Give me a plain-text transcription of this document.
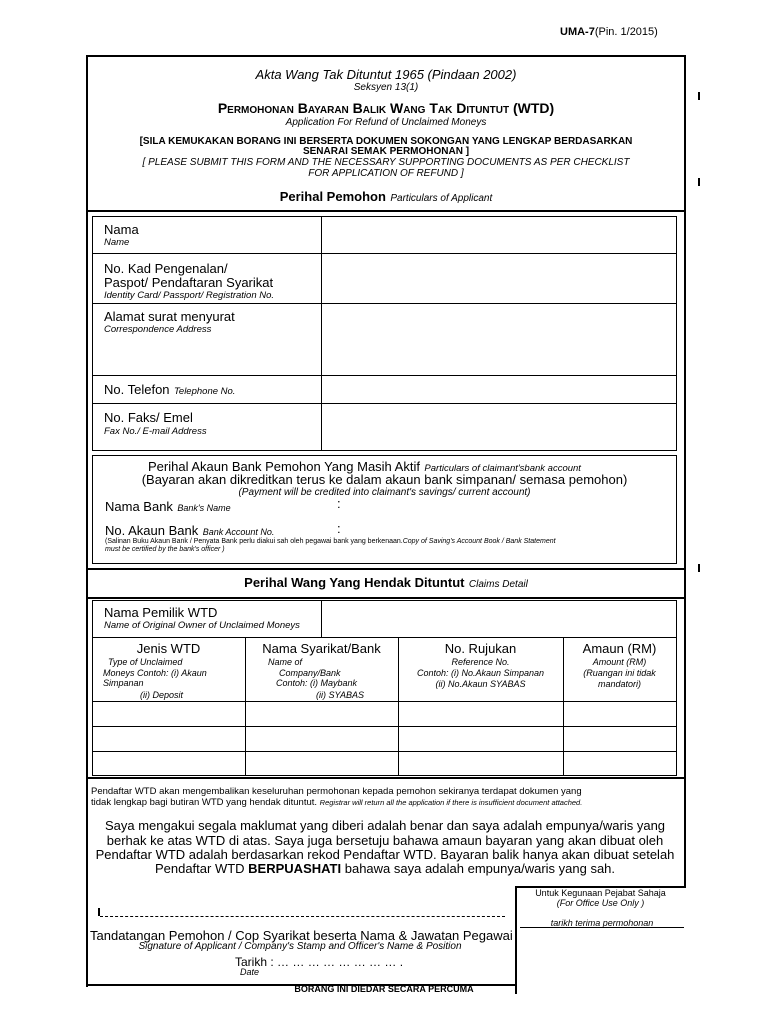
UMA-7(Pin. 1/2015)
Akta Wang Tak Dituntut 1965 (Pindaan 2002)
Seksyen 13(1)
Permohonan Bayaran Balik Wang Tak Dituntut (WTD)
Application For Refund of Unclaimed Moneys
[SILA KEMUKAKAN BORANG INI BERSERTA DOKUMEN SOKONGAN YANG LENGKAP BERDASARKAN
SENARAI SEMAK PERMOHONAN ]
[ PLEASE SUBMIT THIS FORM AND THE NECESSARY SUPPORTING DOCUMENTS AS PER CHECKLIST
FOR APPLICATION OF REFUND ]
Perihal Pemohon Particulars of Applicant
Nama
Name
No. Kad Pengenalan/
Paspot/ Pendaftaran Syarikat
Identity Card/ Passport/ Registration No.
Alamat surat menyurat
Correspondence Address
No. Telefon Telephone No.
No. Faks/ Emel
Fax No./ E-mail Address
Perihal Akaun Bank Pemohon Yang Masih Aktif Particulars of claimant'sbank account
(Bayaran akan dikreditkan terus ke dalam akaun bank simpanan/ semasa pemohon)
(Payment will be credited into claimant's savings/ current account)
Nama Bank Bank's Name	:
No. Akaun Bank Bank Account No.	:
(Salinan Buku Akaun Bank / Penyata Bank perlu diakui sah oleh pegawai bank yang berkenaan.Copy of Saving's Account Book / Bank Statement
must be certified by the bank's officer )
Perihal Wang Yang Hendak Dituntut Claims Detail
Nama Pemilik WTD
Name of Original Owner of Unclaimed Moneys
Jenis WTD
Type of Unclaimed
Moneys Contoh: (i) Akaun
Simpanan
(ii) Deposit
Nama Syarikat/Bank
Name of
Company/Bank
Contoh: (i) Maybank
(ii) SYABAS
No. Rujukan
Reference No.
Contoh: (i) No.Akaun Simpanan
(ii) No.Akaun SYABAS
Amaun (RM)
Amount (RM)
(Ruangan ini tidak
mandatori)
Pendaftar WTD akan mengembalikan keseluruhan permohonan kepada pemohon sekiranya terdapat dokumen yang
tidak lengkap bagi butiran WTD yang hendak dituntut. Registrar will return all the application if there is insufficient document attached.
Saya mengakui segala maklumat yang diberi adalah benar dan saya adalah empunya/waris yang
berhak ke atas WTD di atas. Saya juga bersetuju bahawa amaun bayaran yang akan dibuat oleh
Pendaftar WTD adalah berdasarkan rekod Pendaftar WTD. Bayaran balik hanya akan dibuat setelah
Pendaftar WTD BERPUASHATI bahawa saya adalah empunya/waris yang sah.
Untuk Kegunaan Pejabat Sahaja
(For Office Use Only )
tarikh terima permohonan
Tandatangan Pemohon / Cop Syarikat beserta Nama & Jawatan Pegawai
Signature of Applicant / Company's Stamp and Officer's Name & Position
Tarikh : … … … … … … … … .
Date
BORANG INI DIEDAR SECARA PERCUMA
